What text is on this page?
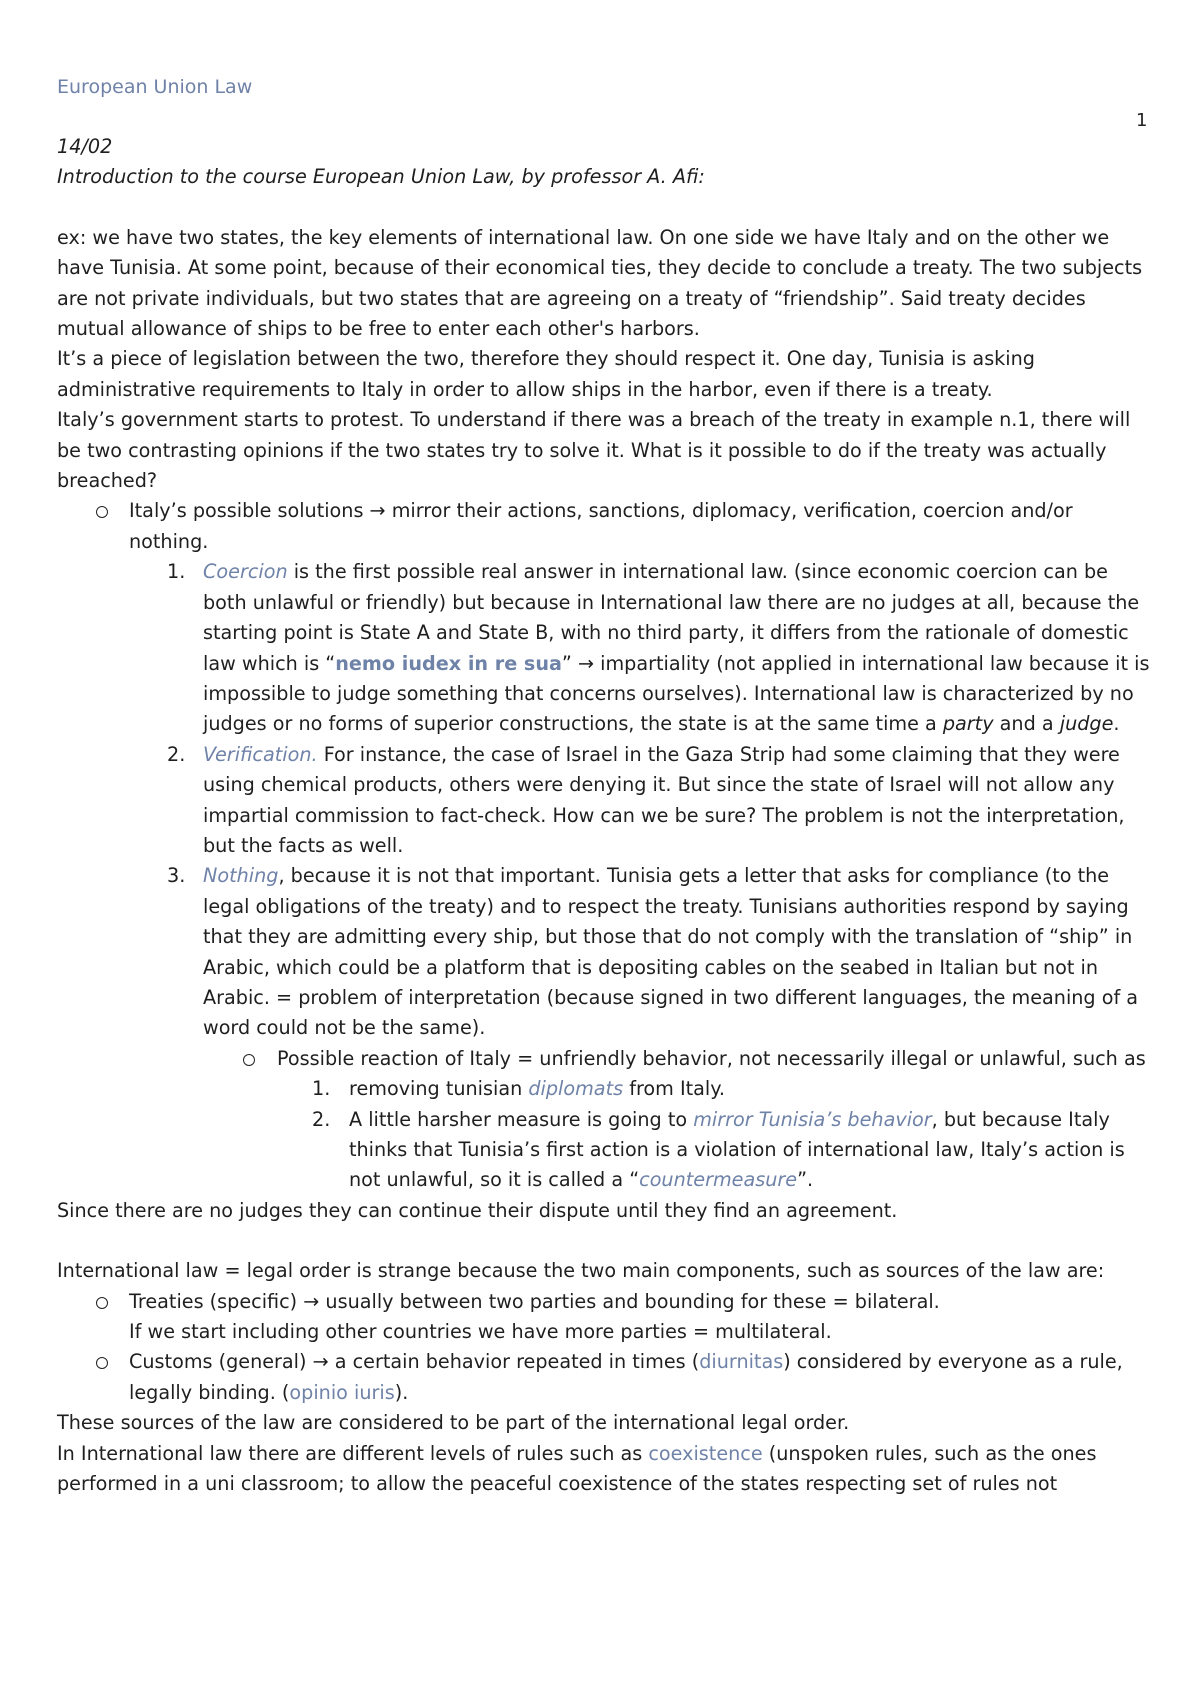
European Union Law
1

14/02

Introduction to the course European Union Law, by professor A. Afi:

ex: we have two states, the key elements of international law. On one side we have Italy and on the other we have Tunisia. At some point, because of their economical ties, they decide to conclude a treaty. The two subjects are not private individuals, but two states that are agreeing on a treaty of “friendship”. Said treaty decides mutual allowance of ships to be free to enter each other's harbors.

It’s a piece of legislation between the two, therefore they should respect it. One day, Tunisia is asking administrative requirements to Italy in order to allow ships in the harbor, even if there is a treaty.

Italy’s government starts to protest. To understand if there was a breach of the treaty in example n.1, there will be two contrasting opinions if the two states try to solve it. What is it possible to do if the treaty was actually breached?

Italy’s possible solutions → mirror their actions, sanctions, diplomacy, verification, coercion and/or nothing.
1. Coercion is the first possible real answer in international law. (since economic coercion can be both unlawful or friendly) but because in International law there are no judges at all, because the starting point is State A and State B, with no third party, it differs from the rationale of domestic law which is “nemo iudex in re sua” → impartiality (not applied in international law because it is impossible to judge something that concerns ourselves). International law is characterized by no judges or no forms of superior constructions, the state is at the same time a party and a judge.
2. Verification. For instance, the case of Israel in the Gaza Strip had some claiming that they were using chemical products, others were denying it. But since the state of Israel will not allow any impartial commission to fact-check. How can we be sure? The problem is not the interpretation, but the facts as well.
3. Nothing, because it is not that important. Tunisia gets a letter that asks for compliance (to the legal obligations of the treaty) and to respect the treaty. Tunisians authorities respond by saying that they are admitting every ship, but those that do not comply with the translation of “ship” in Arabic, which could be a platform that is depositing cables on the seabed in Italian but not in Arabic. = problem of interpretation (because signed in two different languages, the meaning of a word could not be the same).
Possible reaction of Italy = unfriendly behavior, not necessarily illegal or unlawful, such as
1. removing tunisian diplomats from Italy.
2. A little harsher measure is going to mirror Tunisia’s behavior, but because Italy thinks that Tunisia’s first action is a violation of international law, Italy’s action is not unlawful, so it is called a “countermeasure”.

Since there are no judges they can continue their dispute until they find an agreement.

International law = legal order is strange because the two main components, such as sources of the law are:

Treaties (specific) → usually between two parties and bounding for these = bilateral.
If we start including other countries we have more parties = multilateral.
Customs (general) → a certain behavior repeated in times (diurnitas) considered by everyone as a rule, legally binding. (opinio iuris).

These sources of the law are considered to be part of the international legal order.

In International law there are different levels of rules such as coexistence (unspoken rules, such as the ones performed in a uni classroom; to allow the peaceful coexistence of the states respecting set of rules not
